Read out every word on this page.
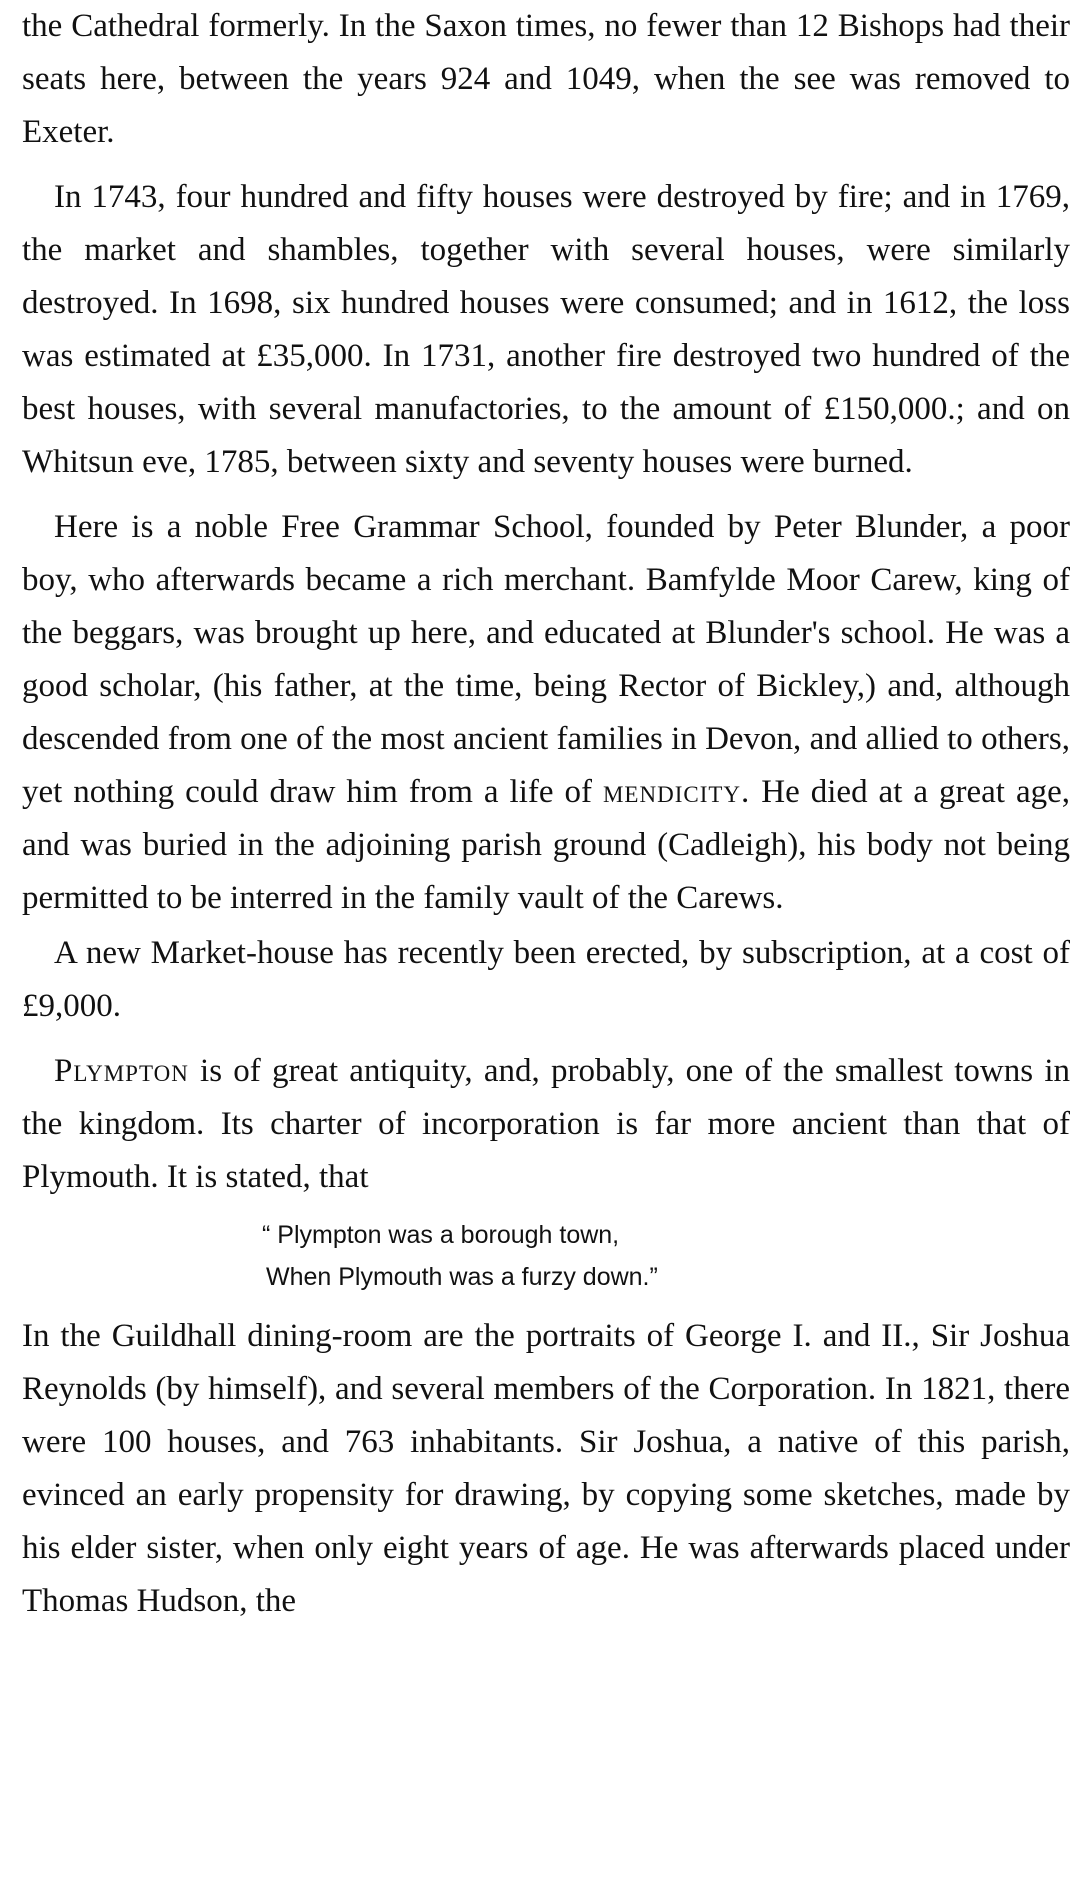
the Cathedral formerly. In the Saxon times, no fewer than 12 Bishops had their seats here, between the years 924 and 1049, when the see was removed to Exeter.

In 1743, four hundred and fifty houses were destroyed by fire; and in 1769, the market and shambles, together with several houses, were similarly destroyed. In 1698, six hundred houses were consumed; and in 1612, the loss was estimated at £35,000. In 1731, another fire destroyed two hundred of the best houses, with several manufactories, to the amount of £150,000.; and on Whitsun eve, 1785, between sixty and seventy houses were burned.

Here is a noble Free Grammar School, founded by Peter Blunder, a poor boy, who afterwards became a rich merchant. Bamfylde Moor Carew, king of the beggars, was brought up here, and educated at Blunder's school. He was a good scholar, (his father, at the time, being Rector of Bickley,) and, although descended from one of the most ancient families in Devon, and allied to others, yet nothing could draw him from a life of mendicity. He died at a great age, and was buried in the adjoining parish ground (Cadleigh), his body not being permitted to be interred in the family vault of the Carews.

A new Market-house has recently been erected, by subscription, at a cost of £9,000.

Plympton is of great antiquity, and, probably, one of the smallest towns in the kingdom. Its charter of incorporation is far more ancient than that of Plymouth. It is stated, that

“ Plympton was a borough town,
When Plymouth was a furzy down.”

In the Guildhall dining-room are the portraits of George I. and II., Sir Joshua Reynolds (by himself), and several members of the Corporation. In 1821, there were 100 houses, and 763 inhabitants. Sir Joshua, a native of this parish, evinced an early propensity for drawing, by copying some sketches, made by his elder sister, when only eight years of age. He was afterwards placed under Thomas Hudson, the
